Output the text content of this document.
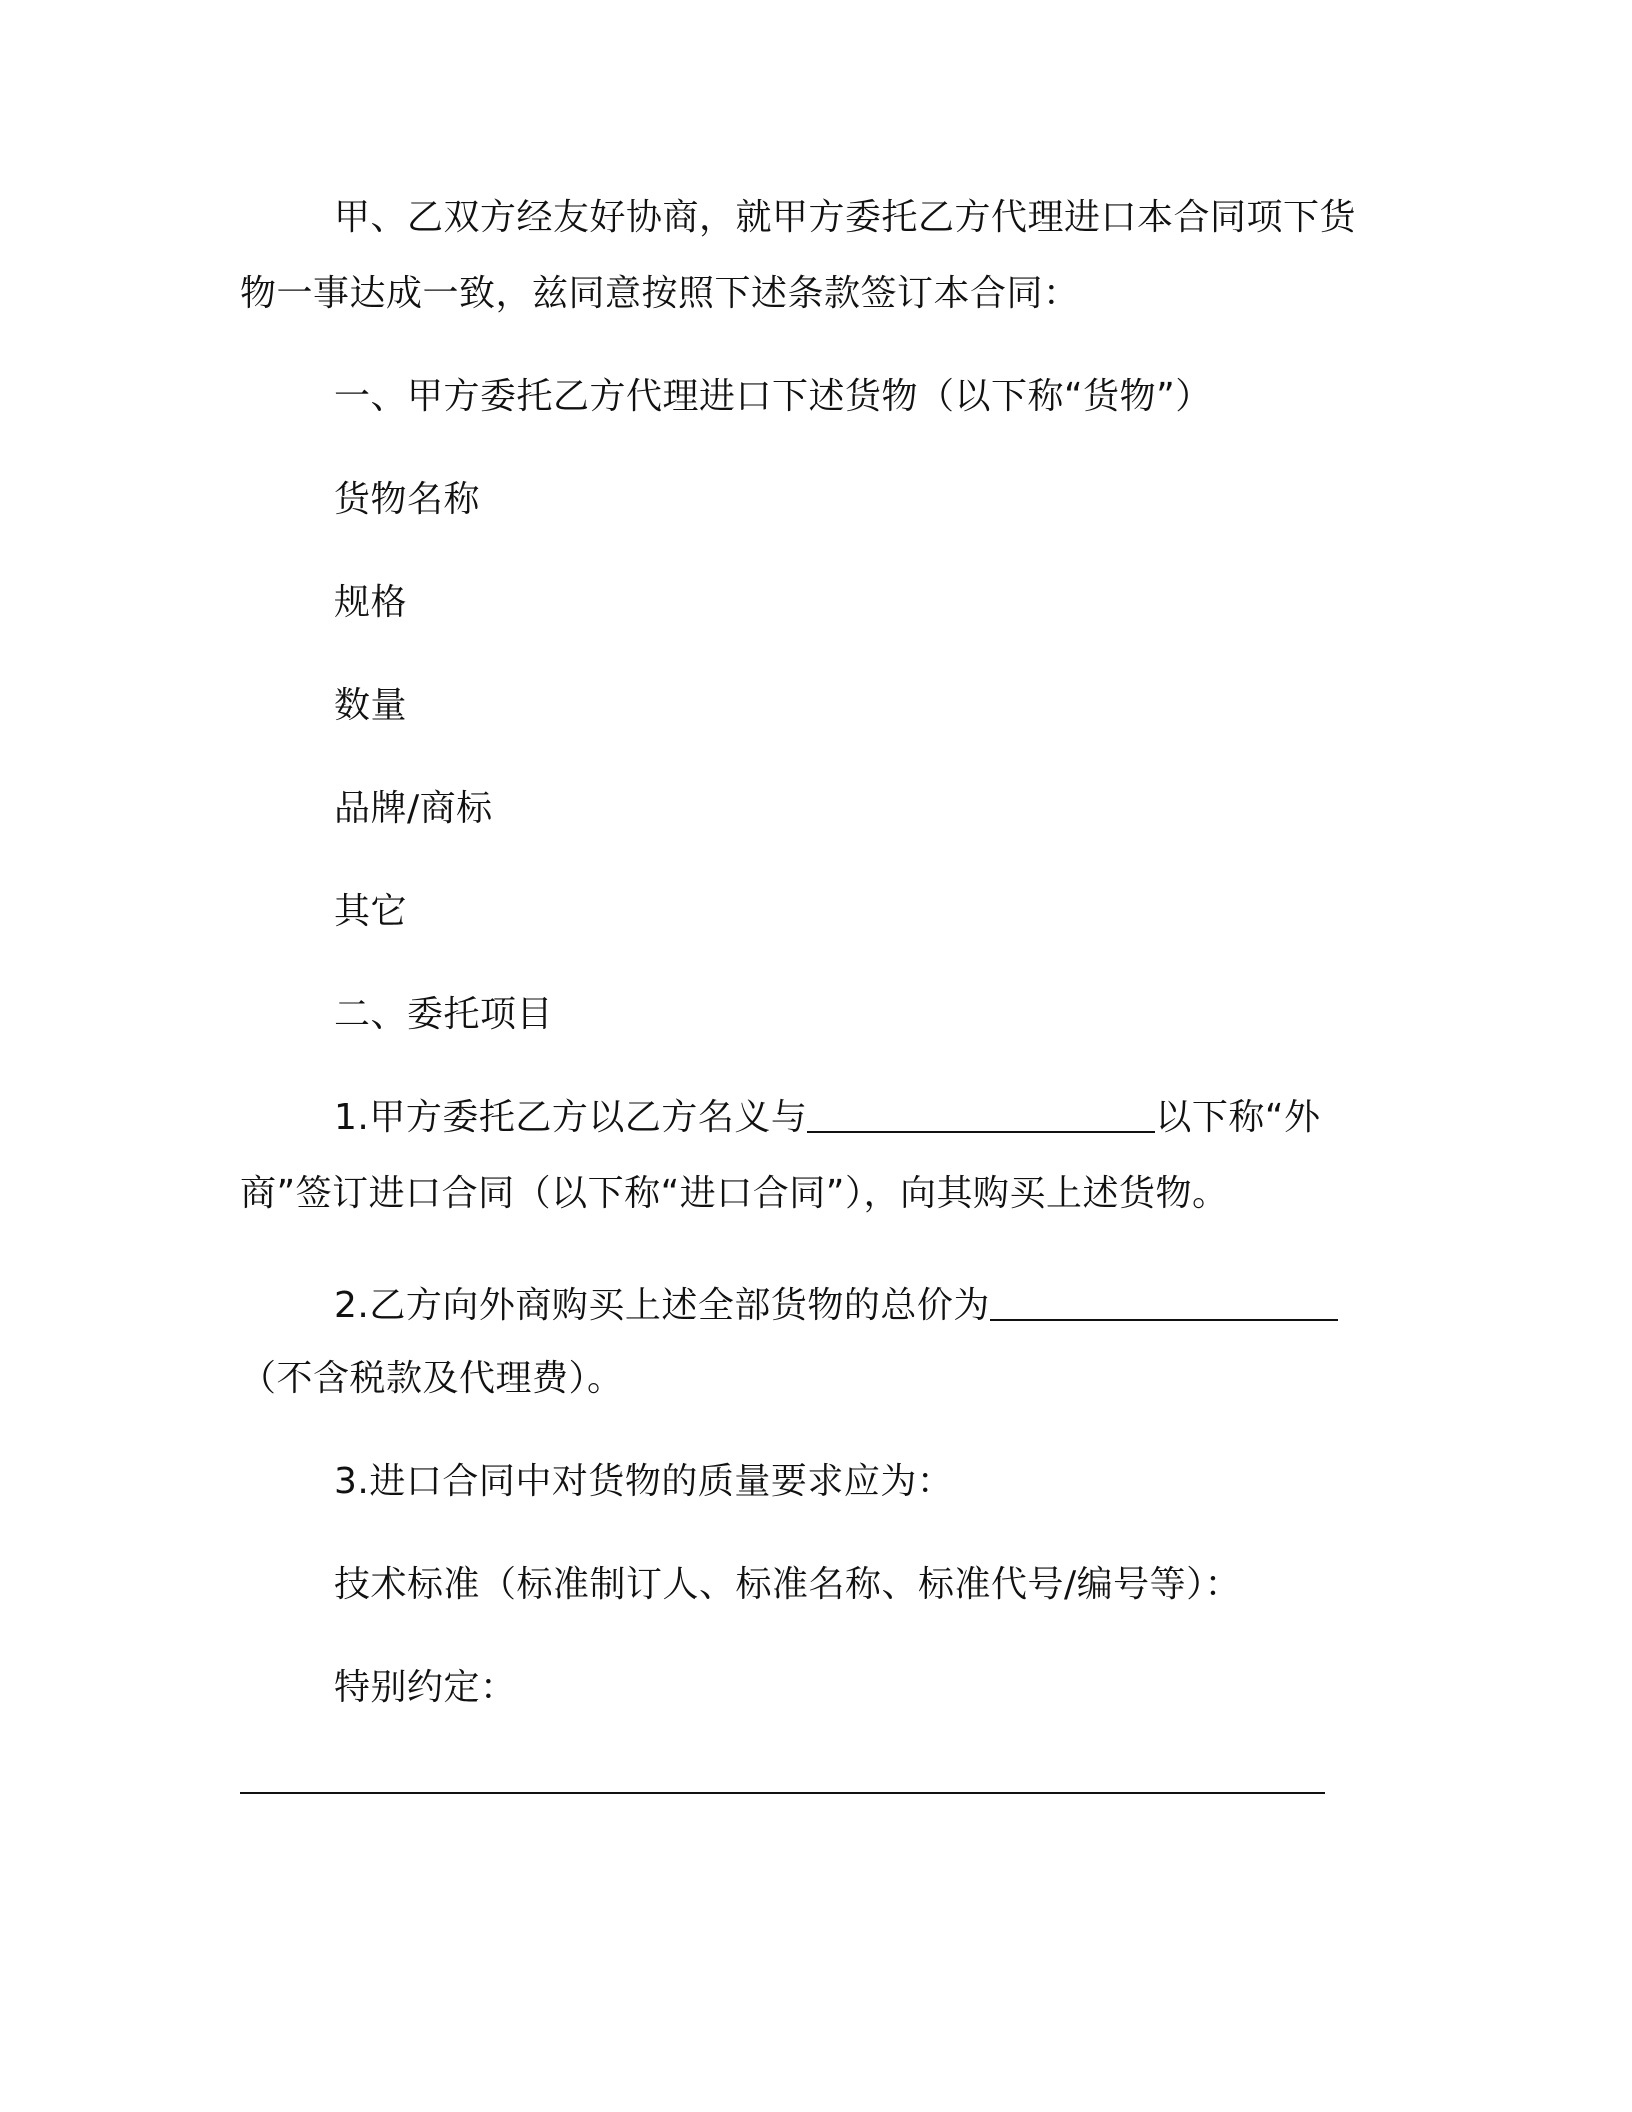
甲、乙双方经友好协商，就甲方委托乙方代理进口本合同项下货
物一事达成一致，兹同意按照下述条款签订本合同：
一、甲方委托乙方代理进口下述货物（以下称“货物”）
货物名称
规格
数量
品牌/商标
其它
二、委托项目
1.甲方委托乙方以乙方名义与	以下称“外
商”签订进口合同（以下称“进口合同”），向其购买上述货物。
2.乙方向外商购买上述全部货物的总价为
（不含税款及代理费）。
3.进口合同中对货物的质量要求应为：
技术标准（标准制订人、标准名称、标准代号/编号等）：
特别约定：
